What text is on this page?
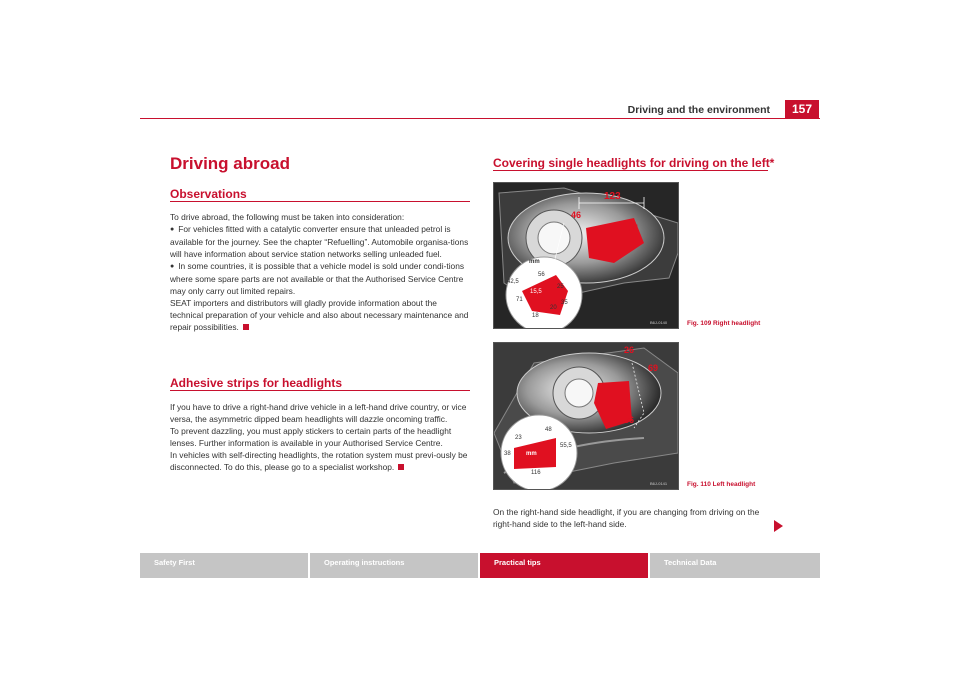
Driving and the environment	157
Driving abroad
Observations

To drive abroad, the following must be taken into consideration:

● For vehicles fitted with a catalytic converter ensure that unleaded petrol is available for the journey. See the chapter “Refuelling”. Automobile organisa-tions will have information about service station networks selling unleaded fuel.

● In some countries, it is possible that a vehicle model is sold under condi-tions where some spare parts are not available or that the Authorised Service Centre may only carry out limited repairs.

SEAT importers and distributors will gladly provide information about the technical preparation of your vehicle and also about necessary maintenance and repair possibilities.

Adhesive strips for headlights

If you have to drive a right-hand drive vehicle in a left-hand drive country, or vice versa, the asymmetric dipped beam headlights will dazzle oncoming traffic.

To prevent dazzling, you must apply stickers to certain parts of the headlight lenses. Further information is available in your Authorised Service Centre.

In vehicles with self-directing headlights, the rotation system must previ-ously be disconnected. To do this, please go to a specialist workshop.

Covering single headlights for driving on the left*
123
46
31
mm
56
42,5
15,5
25
71
20
35
18
B6J-0140	Fig. 109 Right headlight
26
69
36
48
23
mm
38
55,5
116
B6J-0141	Fig. 110 Left headlight
On the right-hand side headlight, if you are changing from driving on the right-hand side to the left-hand side.
Safety First	Operating instructions	Practical tips	Technical Data
